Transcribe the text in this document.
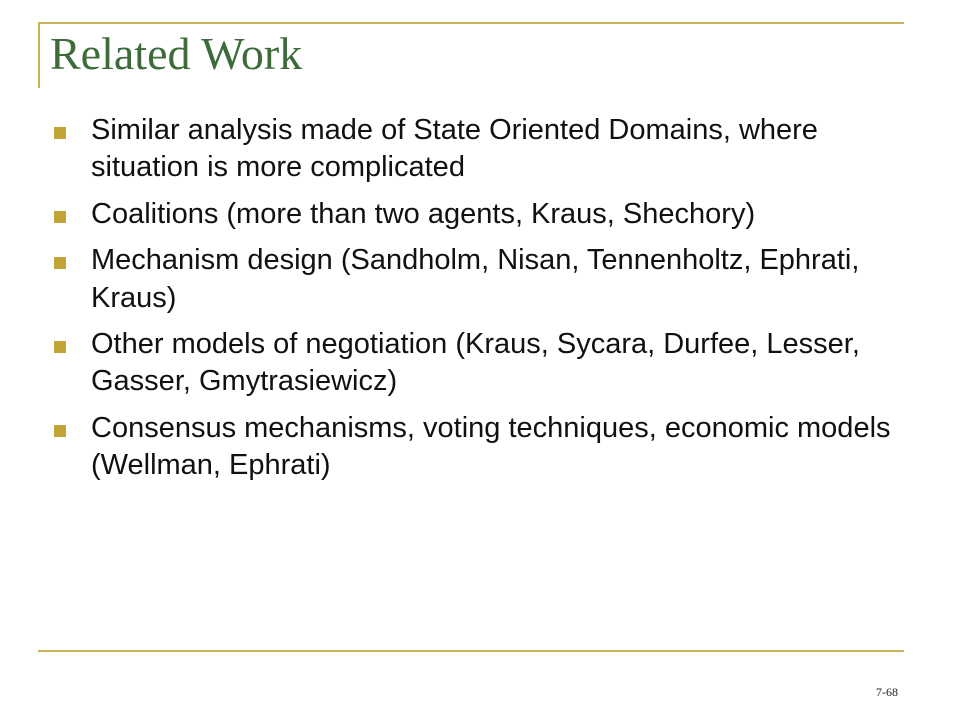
Related Work
Similar analysis made of State Oriented Domains, where situation is more complicated
Coalitions (more than two agents, Kraus, Shechory)
Mechanism design (Sandholm, Nisan, Tennenholtz, Ephrati, Kraus)
Other models of negotiation (Kraus, Sycara, Durfee, Lesser, Gasser, Gmytrasiewicz)
Consensus mechanisms, voting techniques, economic models (Wellman, Ephrati)
7-68
